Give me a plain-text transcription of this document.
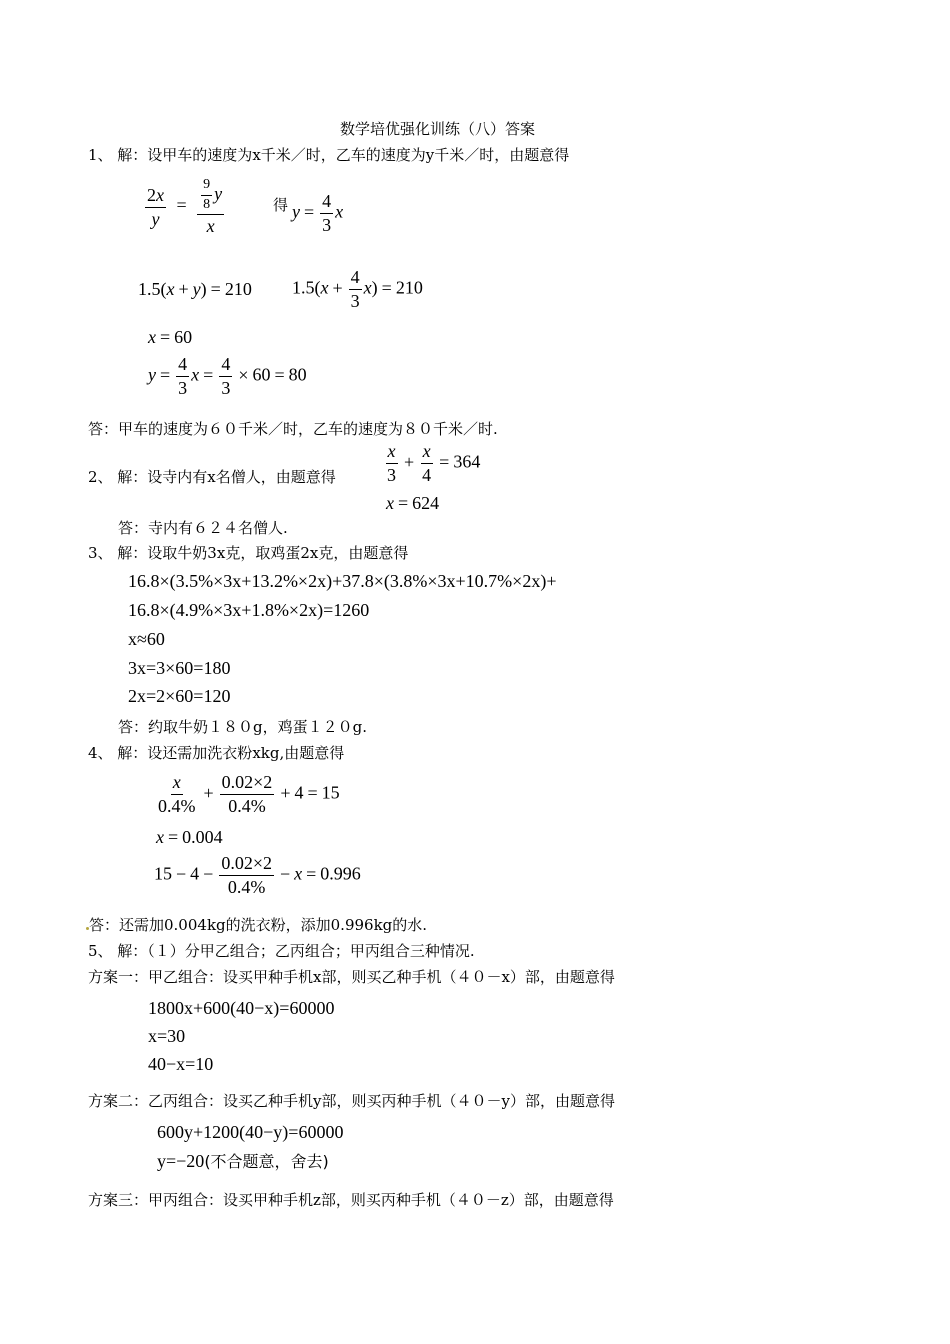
数学培优强化训练（八）答案
1、 解：设甲车的速度为x千米／时，乙车的速度为y千米／时，由题意得
$\frac{2x}{y} = \frac{\frac{9}{8} y}{x}$	得 $y = \frac{4}{3}$ x
1.5(x + y) = 210 $1.5(x + \frac{4}{3} x) = 210$
x = 60
$y = \frac{4}{3}$ $x = \frac{4}{3} \times 60 = 80$
答：甲车的速度为６０千米／时，乙车的速度为８０千米／时.
2、 解：设寺内有x名僧人，由题意得	$\frac{x}{3} + \frac{x}{4} = 364$
x = 624
答：寺内有６２４名僧人.
3、 解：设取牛奶3x克，取鸡蛋2x克，由题意得
16.8×(3.5%×3x+13.2%×2x)+37.8×(3.8%×3x+10.7%×2x)+
16.8×(4.9%×3x+1.8%×2x)=1260
x≈60
3x=3×60=180
2x=2×60=120
答：约取牛奶１８０g，鸡蛋１２０g.
4、 解：设还需加洗衣粉xkg,由题意得
$\frac{x}{0.4\%} + \frac{0.02\times 2}{0.4\%} + 4 = 15$
x = 0.004
$15 - 4 - \frac{0.02\times 2}{0.4\%} - x = 0.996$
答：还需加0.004kg的洗衣粉，添加0.996kg的水.
5、 解：（１）分甲乙组合；乙丙组合；甲丙组合三种情况.
方案一：甲乙组合：设买甲种手机x部，则买乙种手机（４０－x）部，由题意得
1800x+600(40−x)=60000
x=30
40−x=10
方案二：乙丙组合：设买乙种手机y部，则买丙种手机（４０－y）部，由题意得
600y+1200(40−y)=60000
y=−20(不合题意，舍去)
方案三：甲丙组合：设买甲种手机z部，则买丙种手机（４０－z）部，由题意得
